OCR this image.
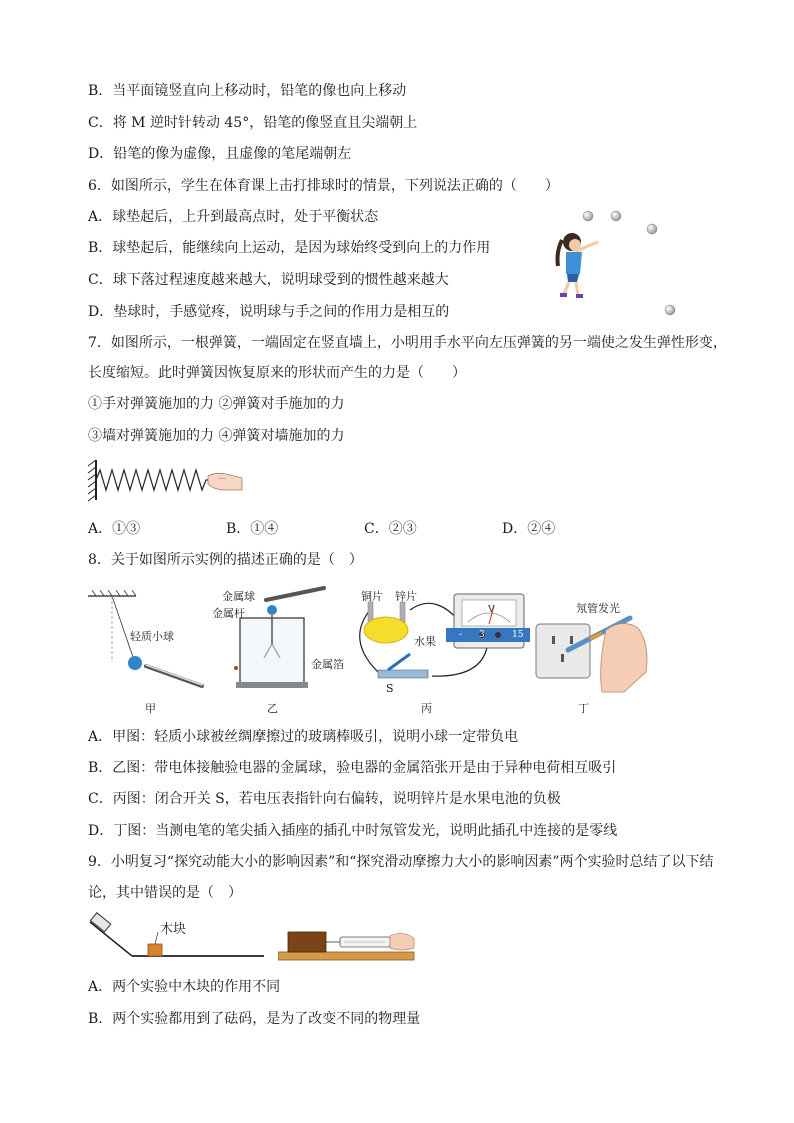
B．当平面镜竖直向上移动时，铅笔的像也向上移动
C．将 M 逆时针转动 45°，铅笔的像竖直且尖端朝上
D．铅笔的像为虚像，且虚像的笔尾端朝左
6．如图所示，学生在体育课上击打排球时的情景，下列说法正确的（　　）
A．球垫起后，上升到最高点时，处于平衡状态
B．球垫起后，能继续向上运动，是因为球始终受到向上的力作用
C．球下落过程速度越来越大，说明球受到的惯性越来越大
D．垫球时，手感觉疼，说明球与手之间的作用力是相互的
7．如图所示，一根弹簧，一端固定在竖直墙上，小明用手水平向左压弹簧的另一端使之发生弹性形变，
长度缩短。此时弹簧因恢复原来的形状而产生的力是（　　）
①手对弹簧施加的力 ②弹簧对手施加的力
③墙对弹簧施加的力 ④弹簧对墙施加的力
A．①③	B．①④	C．②③	D．②④
8．关于如图所示实例的描述正确的是（　）
轻质小球
甲
金属球
金属杆
金属箔
乙
铜片 锌片
水果
V
- 3	15
S
丙
氖管发光
丁
A．甲图：轻质小球被丝绸摩擦过的玻璃棒吸引，说明小球一定带负电
B．乙图：带电体接触验电器的金属球，验电器的金属箔张开是由于异种电荷相互吸引
C．丙图：闭合开关 S，若电压表指针向右偏转，说明锌片是水果电池的负极
D．丁图：当测电笔的笔尖插入插座的插孔中时氖管发光，说明此插孔中连接的是零线
9．小明复习“探究动能大小的影响因素”和“探究滑动摩擦力大小的影响因素”两个实验时总结了以下结
论，其中错误的是（　）
木块
A．两个实验中木块的作用不同
B．两个实验都用到了砝码，是为了改变不同的物理量
